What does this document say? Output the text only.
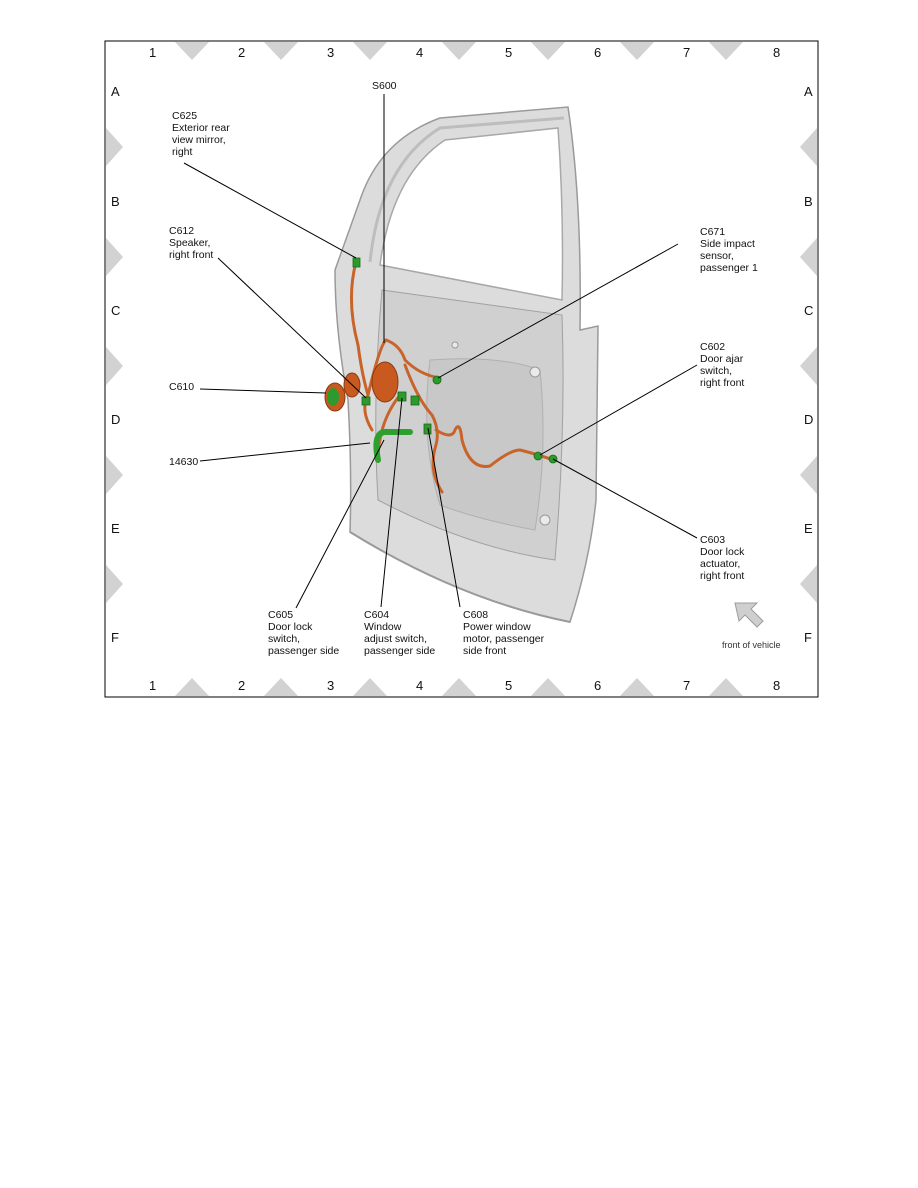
1	2	3	4	5	6	7	8
1	2	3	4	5	6	7	8
A
B
C
D
E
F
A
B
C
D
E
F
S600
C625
Exterior rear
view mirror,
right
C612
Speaker,
right front
C610
14630
C671
Side impact
sensor,
passenger 1
C602
Door ajar
switch,
right front
C603
Door lock
actuator,
right front
C605
Door lock
switch,
passenger side
C604
Window
adjust switch,
passenger side
C608
Power window
motor, passenger
side front	front of vehicle
